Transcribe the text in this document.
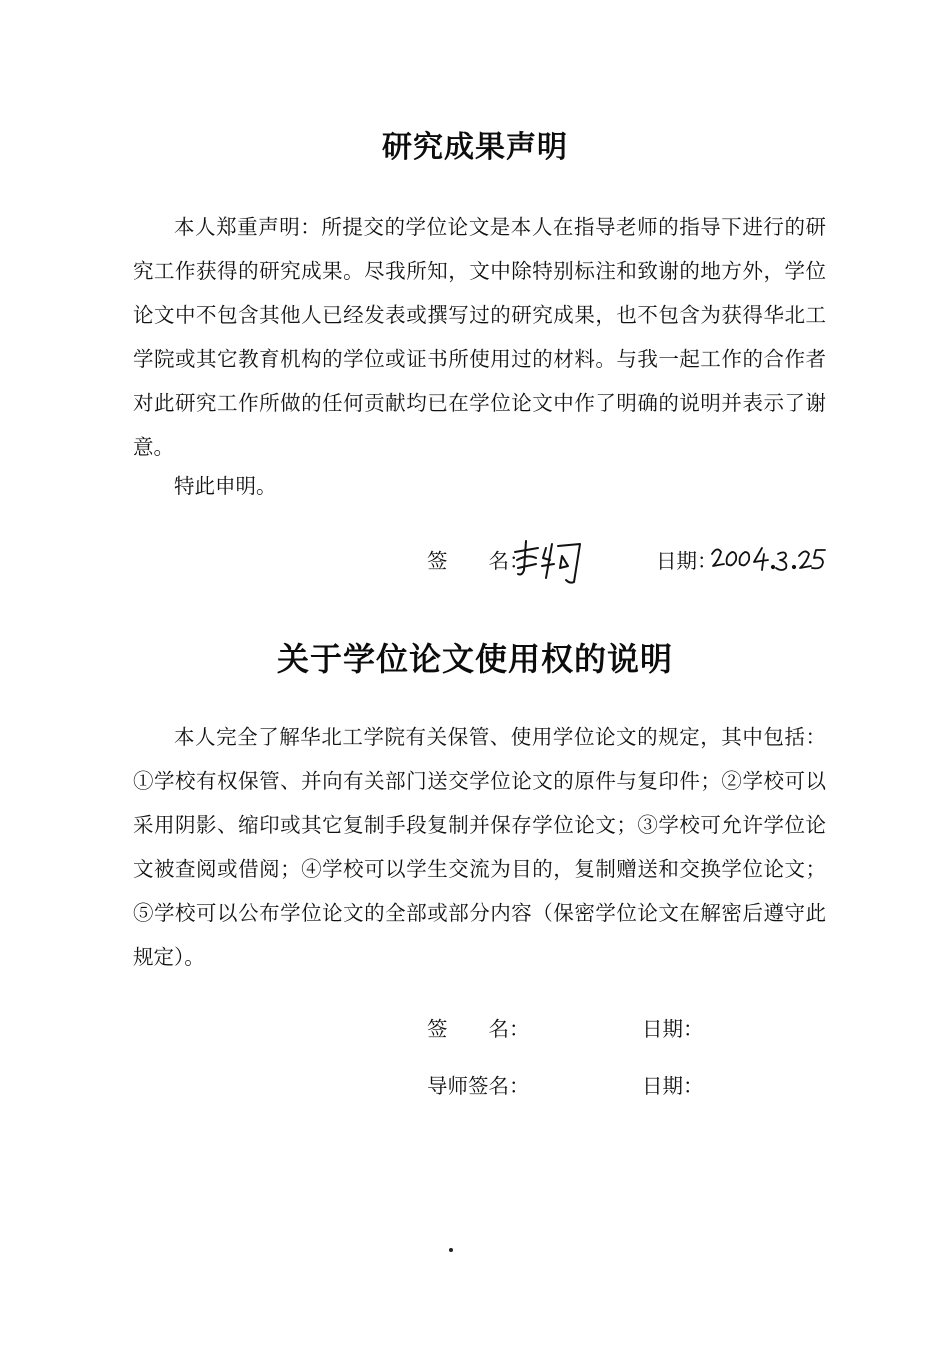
研究成果声明

本人郑重声明：所提交的学位论文是本人在指导老师的指导下进行的研究工作获得的研究成果。尽我所知，文中除特别标注和致谢的地方外，学位论文中不包含其他人已经发表或撰写过的研究成果，也不包含为获得华北工学院或其它教育机构的学位或证书所使用过的材料。与我一起工作的合作者对此研究工作所做的任何贡献均已在学位论文中作了明确的说明并表示了谢意。

特此申明。

签　　名：	日期：
关于学位论文使用权的说明

本人完全了解华北工学院有关保管、使用学位论文的规定，其中包括：①学校有权保管、并向有关部门送交学位论文的原件与复印件；②学校可以采用阴影、缩印或其它复制手段复制并保存学位论文；③学校可允许学位论文被查阅或借阅；④学校可以学生交流为目的，复制赠送和交换学位论文；⑤学校可以公布学位论文的全部或部分内容（保密学位论文在解密后遵守此规定）。

签　　名：	日期：
导师签名：	日期：
